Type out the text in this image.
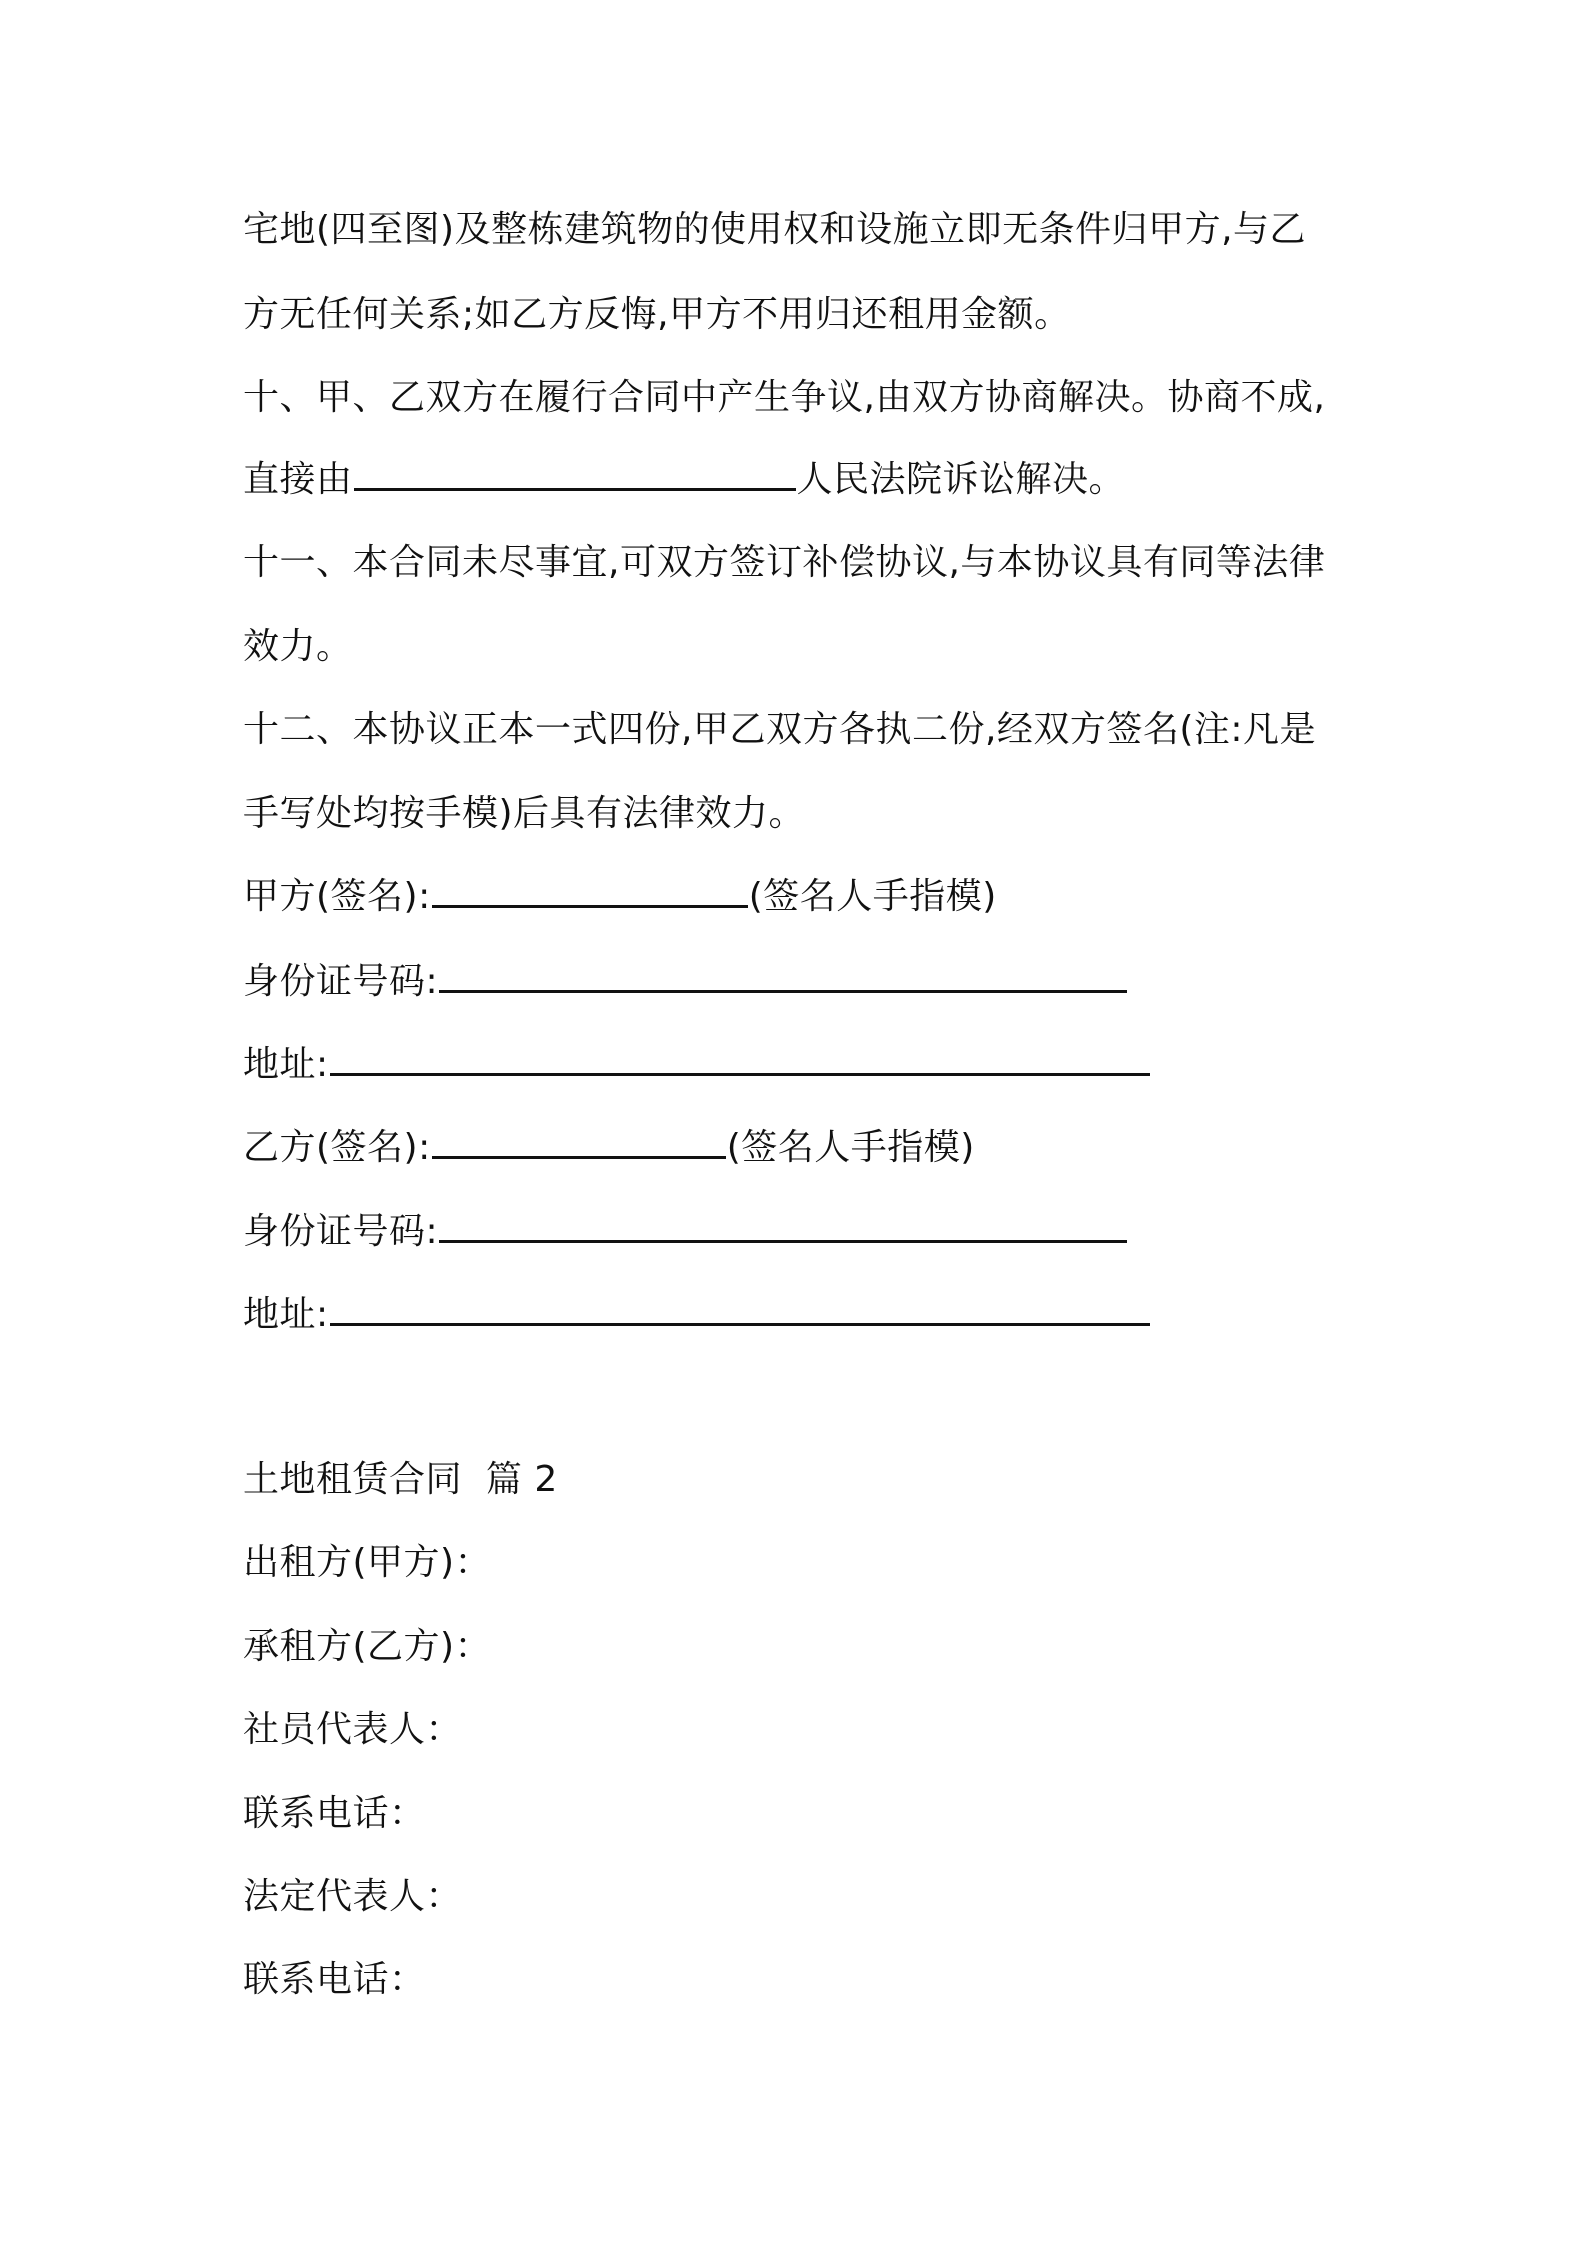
宅地(四至图)及整栋建筑物的使用权和设施立即无条件归甲方,与乙
方无任何关系;如乙方反悔,甲方不用归还租用金额。
十、甲、乙双方在履行合同中产生争议,由双方协商解决。协商不成,
直接由	人民法院诉讼解决。
十一、本合同未尽事宜,可双方签订补偿协议,与本协议具有同等法律
效力。
十二、本协议正本一式四份,甲乙双方各执二份,经双方签名(注:凡是
手写处均按手模)后具有法律效力。
甲方(签名):	(签名人手指模)
身份证号码:
地址:
乙方(签名):	(签名人手指模)
身份证号码:
地址:
土地租赁合同  篇 2
出租方(甲方)：
承租方(乙方)：
社员代表人：
联系电话：
法定代表人：
联系电话：
